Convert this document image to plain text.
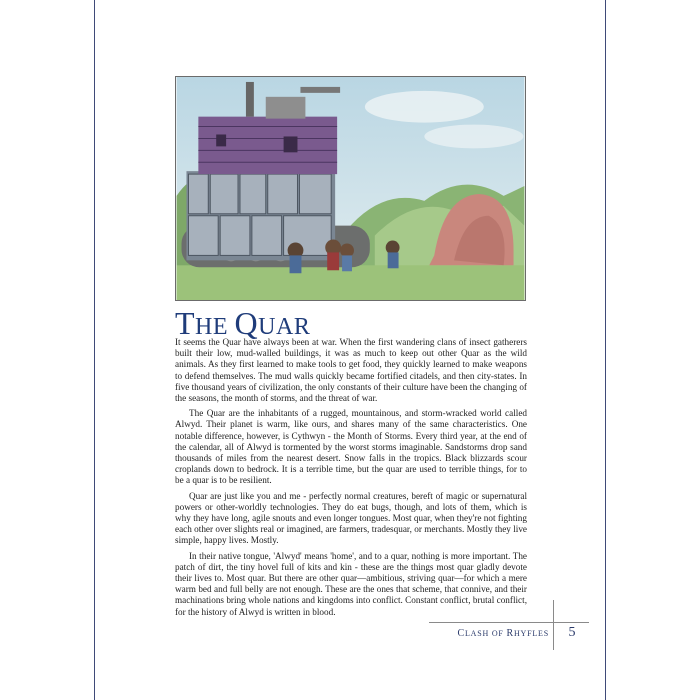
THE QUAR

It seems the Quar have always been at war. When the first wandering clans of insect gatherers built their low, mud-walled buildings, it was as much to keep out other Quar as the wild animals. As they first learned to make tools to get food, they quickly learned to make weapons to defend themselves. The mud walls quickly became fortified citadels, and then city-states. In five thousand years of civilization, the only constants of their culture have been the changing of the seasons, the month of storms, and the threat of war.

The Quar are the inhabitants of a rugged, mountainous, and storm-wracked world called Alwyd. Their planet is warm, like ours, and shares many of the same characteristics. One notable difference, however, is Cythwyn - the Month of Storms. Every third year, at the end of the calendar, all of Alwyd is tormented by the worst storms imaginable. Sandstorms drop sand thousands of miles from the nearest desert. Snow falls in the tropics. Black blizzards scour croplands down to bedrock. It is a terrible time, but the quar are used to terrible things, for to be a quar is to be resilient.

Quar are just like you and me - perfectly normal creatures, bereft of magic or supernatural powers or other-worldly technologies. They do eat bugs, though, and lots of them, which is why they have long, agile snouts and even longer tongues. Most quar, when they're not fighting each other over slights real or imagined, are farmers, tradesquar, or merchants. Mostly they live simple, happy lives. Mostly.

In their native tongue, 'Alwyd' means 'home', and to a quar, nothing is more important. The patch of dirt, the tiny hovel full of kits and kin - these are the things most quar gladly devote their lives to. Most quar. But there are other quar—ambitious, striving quar—for which a mere warm bed and full belly are not enough. These are the ones that scheme, that connive, and their machinations bring whole nations and kingdoms into conflict. Constant conflict, brutal conflict, for the history of Alwyd is written in blood.

CLASH OF RHYFLES	5
